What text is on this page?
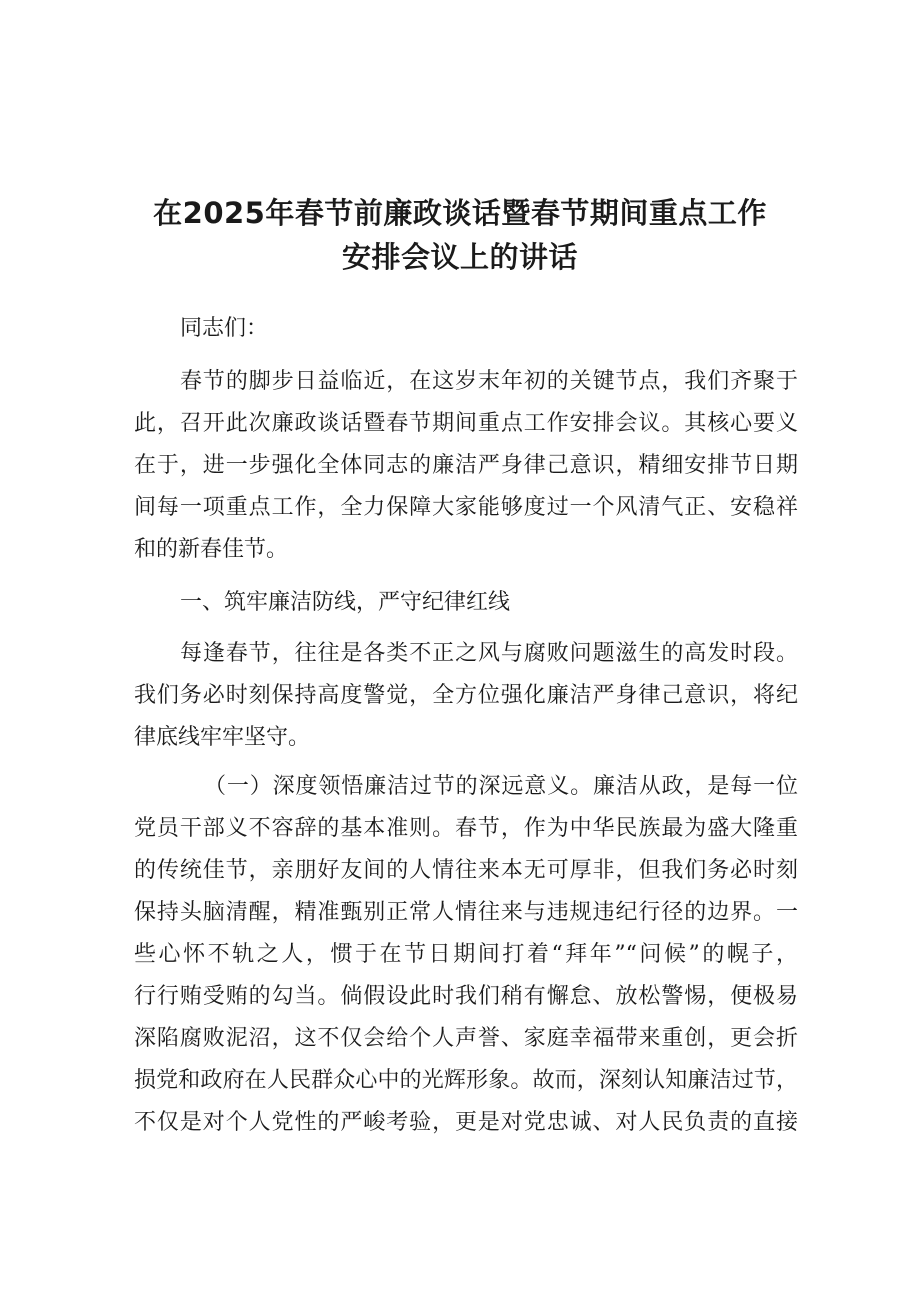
在2025年春节前廉政谈话暨春节期间重点工作
安排会议上的讲话

同志们：

春节的脚步日益临近，在这岁末年初的关键节点，我们齐聚于

此，召开此次廉政谈话暨春节期间重点工作安排会议。其核心要义

在于，进一步强化全体同志的廉洁严身律己意识，精细安排节日期

间每一项重点工作，全力保障大家能够度过一个风清气正、安稳祥

和的新春佳节。

一、筑牢廉洁防线，严守纪律红线

每逢春节，往往是各类不正之风与腐败问题滋生的高发时段。

我们务必时刻保持高度警觉，全方位强化廉洁严身律己意识，将纪

律底线牢牢坚守。

（一）深度领悟廉洁过节的深远意义。廉洁从政，是每一位

党员干部义不容辞的基本准则。春节，作为中华民族最为盛大隆重

的传统佳节，亲朋好友间的人情往来本无可厚非，但我们务必时刻

保持头脑清醒，精准甄别正常人情往来与违规违纪行径的边界。一

些心怀不轨之人，惯于在节日期间打着“拜年”“问候”的幌子，

行行贿受贿的勾当。倘假设此时我们稍有懈怠、放松警惕，便极易

深陷腐败泥沼，这不仅会给个人声誉、家庭幸福带来重创，更会折

损党和政府在人民群众心中的光辉形象。故而，深刻认知廉洁过节，

不仅是对个人党性的严峻考验，更是对党忠诚、对人民负责的直接
